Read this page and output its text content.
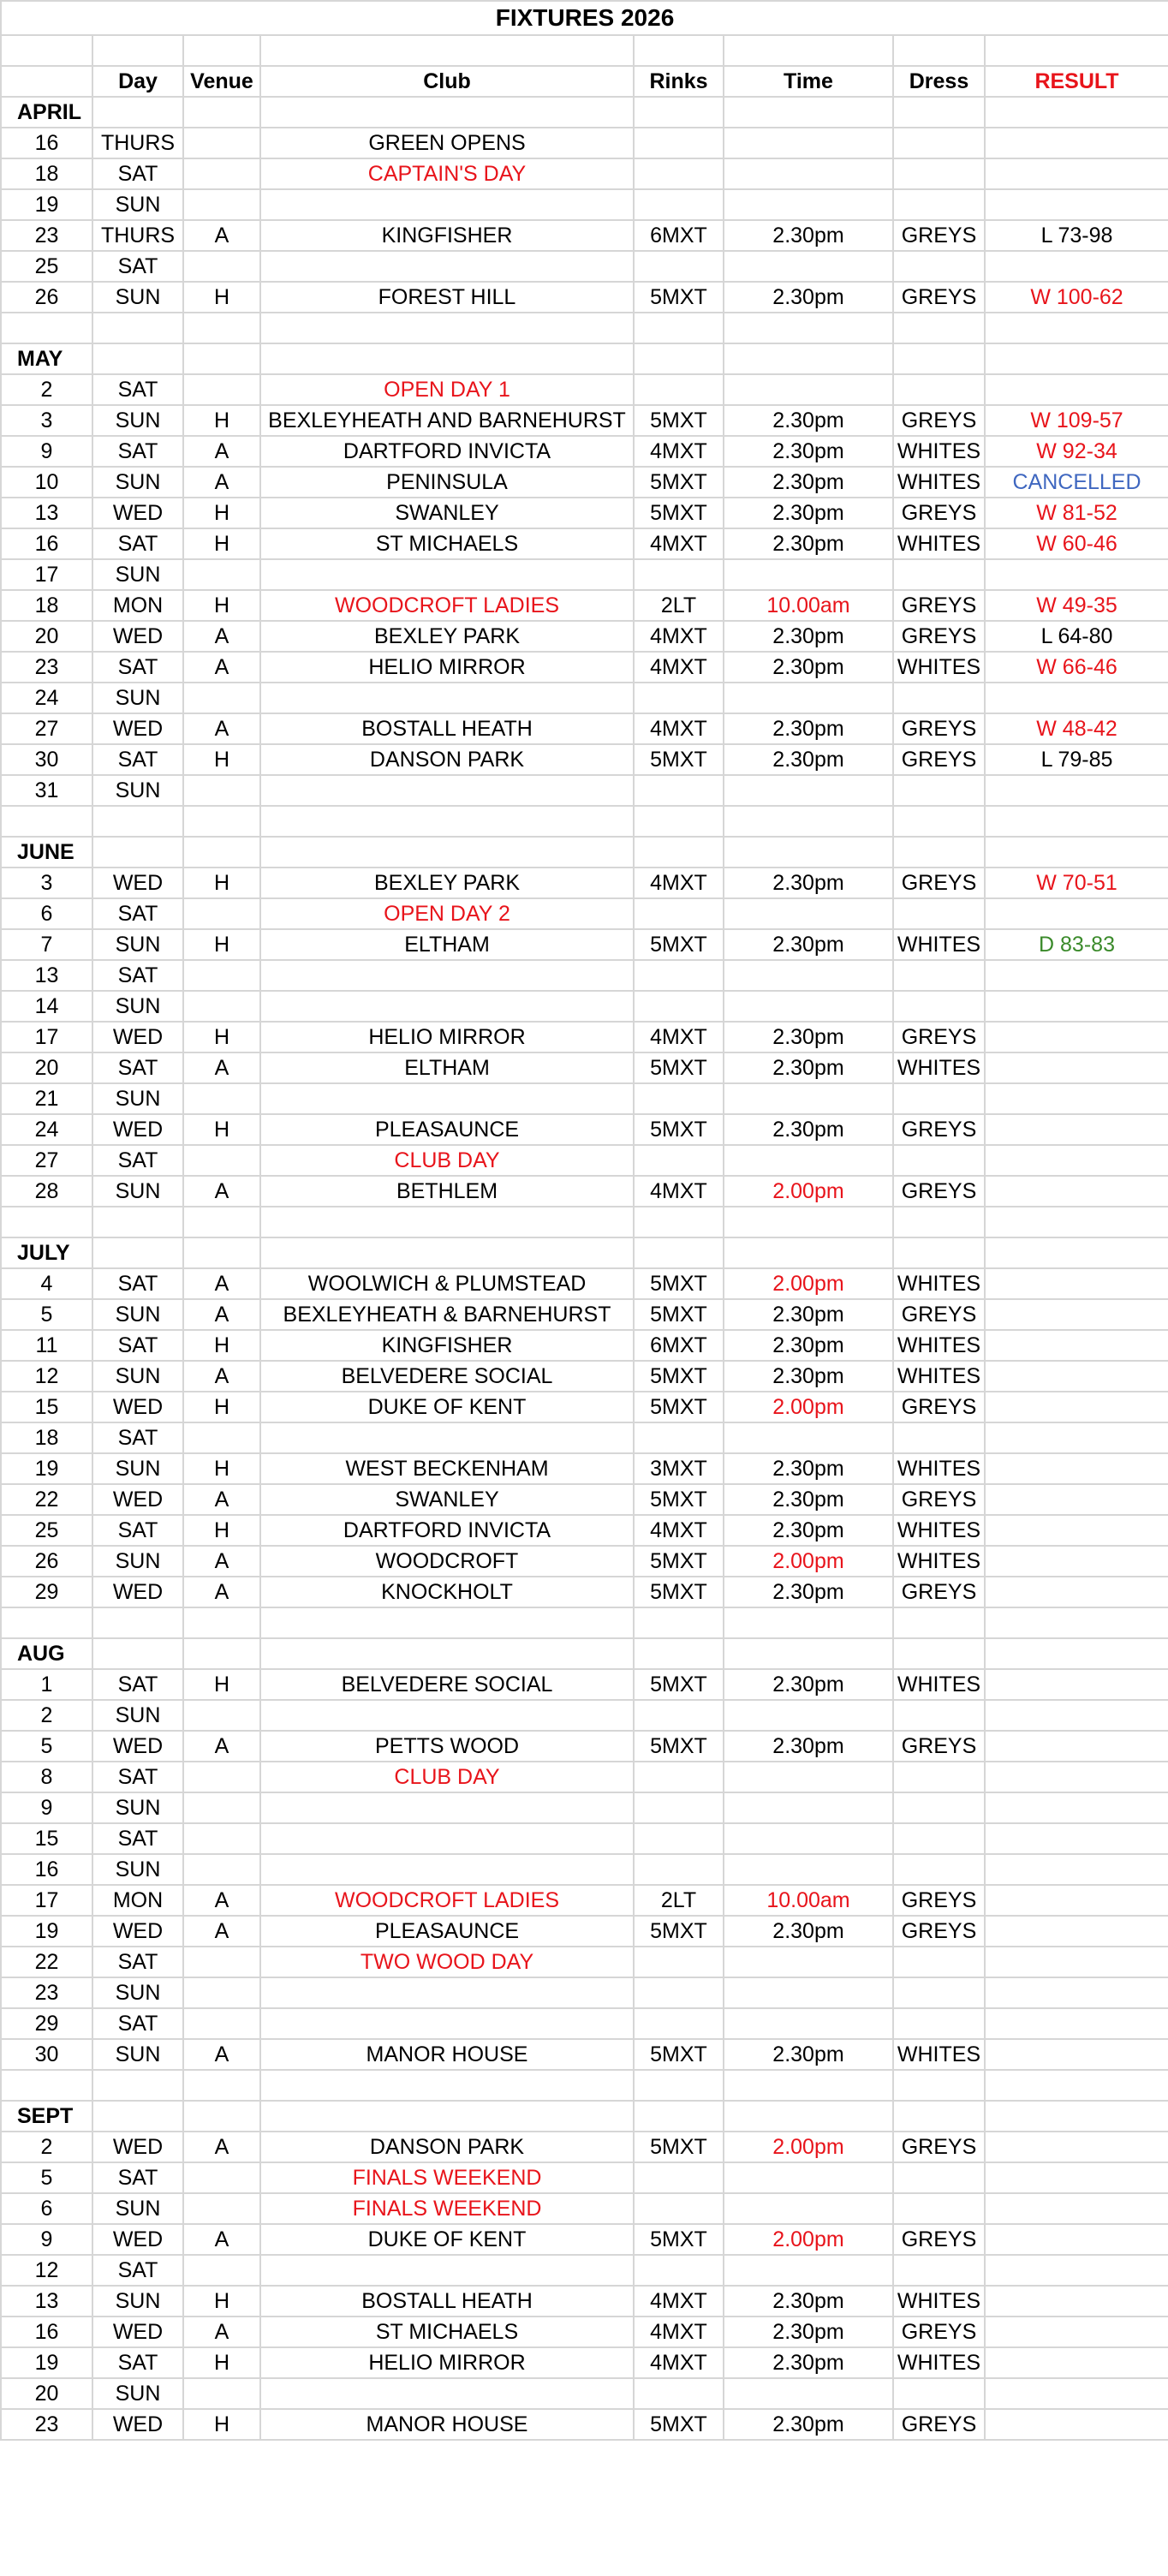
FIXTURES 2026							

	Day	Venue	Club	Rinks	Time	Dress	RESULT
APRIL							
16	THURS		GREEN OPENS				
18	SAT		CAPTAIN'S DAY				
19	SUN						
23	THURS	A	KINGFISHER	6MXT	2.30pm	GREYS	L 73-98
25	SAT						
26	SUN	H	FOREST HILL	5MXT	2.30pm	GREYS	W 100-62

MAY							
2	SAT		OPEN DAY 1				
3	SUN	H	BEXLEYHEATH AND BARNEHURST	5MXT	2.30pm	GREYS	W 109-57
9	SAT	A	DARTFORD INVICTA	4MXT	2.30pm	WHITES	W 92-34
10	SUN	A	PENINSULA	5MXT	2.30pm	WHITES	CANCELLED
13	WED	H	SWANLEY	5MXT	2.30pm	GREYS	W 81-52
16	SAT	H	ST MICHAELS	4MXT	2.30pm	WHITES	W 60-46
17	SUN						
18	MON	H	WOODCROFT LADIES	2LT	10.00am	GREYS	W 49-35
20	WED	A	BEXLEY PARK	4MXT	2.30pm	GREYS	L 64-80
23	SAT	A	HELIO MIRROR	4MXT	2.30pm	WHITES	W 66-46
24	SUN						
27	WED	A	BOSTALL HEATH	4MXT	2.30pm	GREYS	W 48-42
30	SAT	H	DANSON PARK	5MXT	2.30pm	GREYS	L 79-85
31	SUN						

JUNE							
3	WED	H	BEXLEY PARK	4MXT	2.30pm	GREYS	W 70-51
6	SAT		OPEN DAY 2				
7	SUN	H	ELTHAM	5MXT	2.30pm	WHITES	D 83-83
13	SAT						
14	SUN						
17	WED	H	HELIO MIRROR	4MXT	2.30pm	GREYS	
20	SAT	A	ELTHAM	5MXT	2.30pm	WHITES	
21	SUN						
24	WED	H	PLEASAUNCE	5MXT	2.30pm	GREYS	
27	SAT		CLUB DAY				
28	SUN	A	BETHLEM	4MXT	2.00pm	GREYS	

JULY							
4	SAT	A	WOOLWICH & PLUMSTEAD	5MXT	2.00pm	WHITES	
5	SUN	A	BEXLEYHEATH & BARNEHURST	5MXT	2.30pm	GREYS	
11	SAT	H	KINGFISHER	6MXT	2.30pm	WHITES	
12	SUN	A	BELVEDERE SOCIAL	5MXT	2.30pm	WHITES	
15	WED	H	DUKE OF KENT	5MXT	2.00pm	GREYS	
18	SAT						
19	SUN	H	WEST BECKENHAM	3MXT	2.30pm	WHITES	
22	WED	A	SWANLEY	5MXT	2.30pm	GREYS	
25	SAT	H	DARTFORD INVICTA	4MXT	2.30pm	WHITES	
26	SUN	A	WOODCROFT	5MXT	2.00pm	WHITES	
29	WED	A	KNOCKHOLT	5MXT	2.30pm	GREYS	

AUG							
1	SAT	H	BELVEDERE SOCIAL	5MXT	2.30pm	WHITES	
2	SUN						
5	WED	A	PETTS WOOD	5MXT	2.30pm	GREYS	
8	SAT		CLUB DAY				
9	SUN						
15	SAT						
16	SUN						
17	MON	A	WOODCROFT LADIES	2LT	10.00am	GREYS	
19	WED	A	PLEASAUNCE	5MXT	2.30pm	GREYS	
22	SAT		TWO WOOD DAY				
23	SUN						
29	SAT						
30	SUN	A	MANOR HOUSE	5MXT	2.30pm	WHITES	

SEPT							
2	WED	A	DANSON PARK	5MXT	2.00pm	GREYS	
5	SAT		FINALS WEEKEND				
6	SUN		FINALS WEEKEND				
9	WED	A	DUKE OF KENT	5MXT	2.00pm	GREYS	
12	SAT						
13	SUN	H	BOSTALL HEATH	4MXT	2.30pm	WHITES	
16	WED	A	ST MICHAELS	4MXT	2.30pm	GREYS	
19	SAT	H	HELIO MIRROR	4MXT	2.30pm	WHITES	
20	SUN						
23	WED	H	MANOR HOUSE	5MXT	2.30pm	GREYS	
